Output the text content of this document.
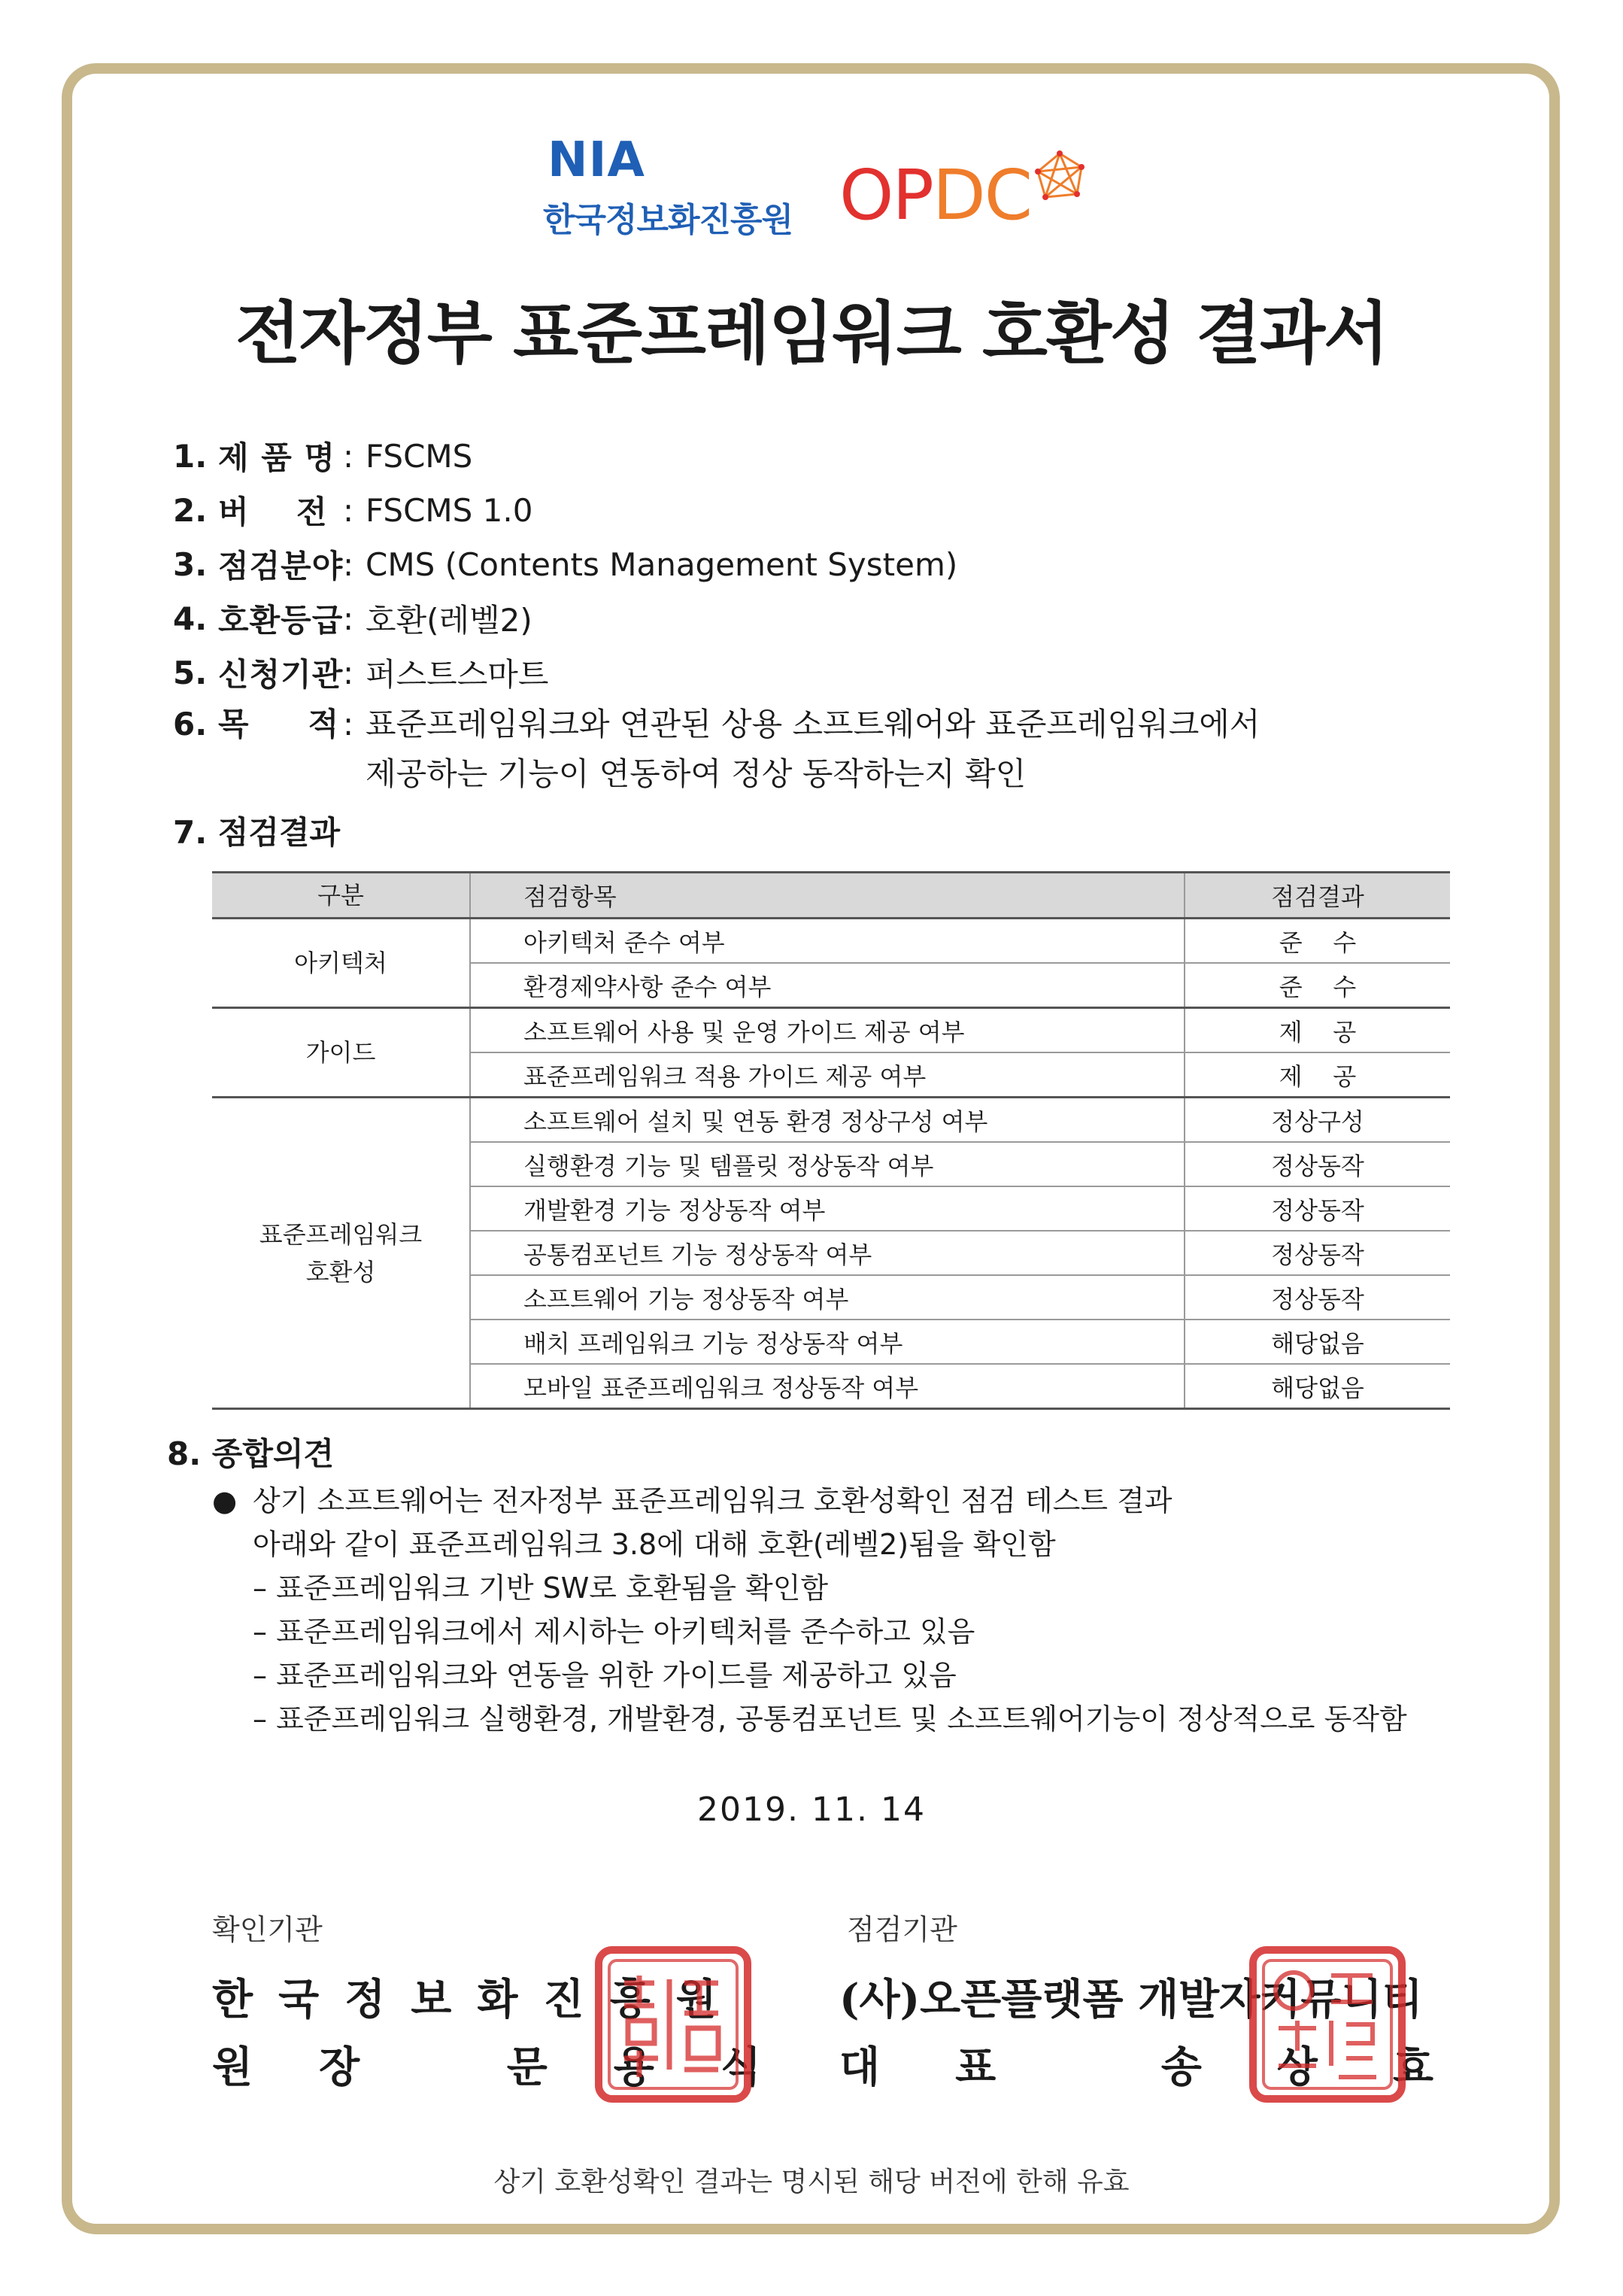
NIA
한국정보화진흥원 OPDC
전자정부 표준프레임워크 호환성 결과서
1. 제 품 명 : FSCMS
2. 버    전 : FSCMS 1.0
3. 점검분야 : CMS (Contents Management System)
4. 호환등급 : 호환(레벨2)
5. 신청기관 : 퍼스트스마트
6. 목     적 : 표준프레임워크와 연관된 상용 소프트웨어와 표준프레임워크에서
제공하는 기능이 연동하여 정상 동작하는지 확인
7. 점검결과
구분	점검항목	점검결과
아키텍처	아키텍처 준수 여부	준    수
	환경제약사항 준수 여부	준    수
가이드	소프트웨어 사용 및 운영 가이드 제공 여부	제    공
	표준프레임워크 적용 가이드 제공 여부	제    공

표준프레임워크
호환성	소프트웨어 설치 및 연동 환경 정상구성 여부	정상구성
	실행환경 기능 및 템플릿 정상동작 여부	정상동작
	개발환경 기능 정상동작 여부	정상동작
	공통컴포넌트 기능 정상동작 여부	정상동작
	소프트웨어 기능 정상동작 여부	정상동작
	배치 프레임워크 기능 정상동작 여부	해당없음
	모바일 표준프레임워크 정상동작 여부	해당없음
8. 종합의견
● 상기 소프트웨어는 전자정부 표준프레임워크 호환성확인 점검 테스트 결과
아래와 같이 표준프레임워크 3.8에 대해 호환(레벨2)됨을 확인함
– 표준프레임워크 기반 SW로 호환됨을 확인함
– 표준프레임워크에서 제시하는 아키텍처를 준수하고 있음
– 표준프레임워크와 연동을 위한 가이드를 제공하고 있음
– 표준프레임워크 실행환경, 개발환경, 공통컴포넌트 및 소프트웨어기능이 정상적으로 동작함
2019. 11. 14
확인기관
한국정보화진흥원
원장 문용식
점검기관
(사)오픈플랫폼 개발자커뮤니티
대표 송상효
상기 호환성확인 결과는 명시된 해당 버전에 한해 유효
